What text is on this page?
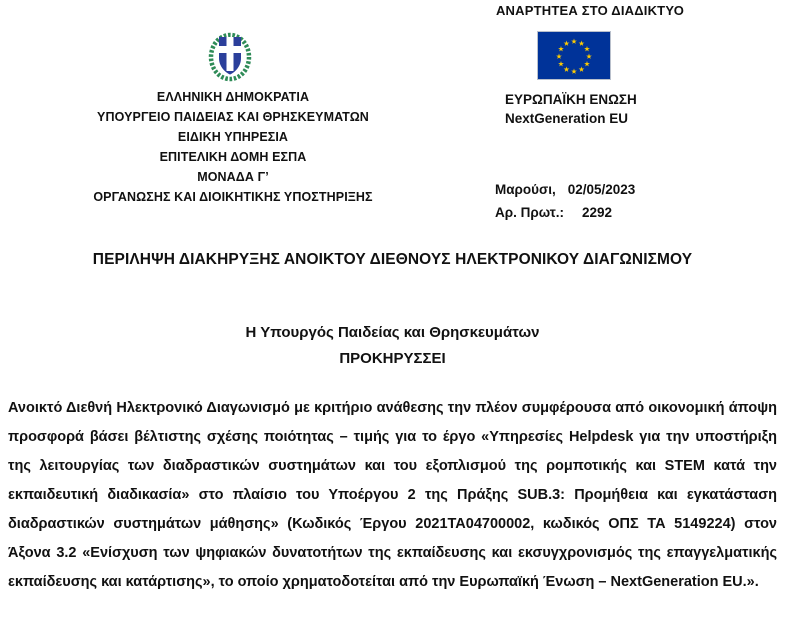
ΑΝΑΡΤΗΤΕΑ ΣΤΟ ΔΙΑΔΙΚΤΥΟ
ΕΛΛΗΝΙΚΗ ΔΗΜΟΚΡΑΤΙΑ
ΥΠΟΥΡΓΕΙΟ ΠΑΙΔΕΙΑΣ ΚΑΙ ΘΡΗΣΚΕΥΜΑΤΩΝ
ΕΙΔΙΚΗ ΥΠΗΡΕΣΙΑ
ΕΠΙΤΕΛΙΚΗ ΔΟΜΗ ΕΣΠΑ
ΜΟΝΑΔΑ Γ’
ΟΡΓΑΝΩΣΗΣ ΚΑΙ ΔΙΟΙΚΗΤΙΚΗΣ ΥΠΟΣΤΗΡΙΞΗΣ
ΕΥΡΩΠΑΪΚΗ ΕΝΩΣΗ
NextGeneration EU
Μαρούσι, 02/05/2023
Αρ. Πρωτ.: 2292
ΠΕΡΙΛΗΨΗ ΔΙΑΚΗΡΥΞΗΣ ΑΝΟΙΚΤΟΥ ΔΙΕΘΝΟΥΣ ΗΛΕΚΤΡΟΝΙΚΟΥ ΔΙΑΓΩΝΙΣΜΟΥ
Η Υπουργός Παιδείας και Θρησκευμάτων
ΠΡΟΚΗΡΥΣΣΕΙ
Ανοικτό Διεθνή Ηλεκτρονικό Διαγωνισμό με κριτήριο ανάθεσης την πλέον συμφέρουσα από οικονομική άποψη προσφορά βάσει βέλτιστης σχέσης ποιότητας – τιμής για το έργο «Υπηρεσίες Helpdesk για την υποστήριξη της λειτουργίας των διαδραστικών συστημάτων και του εξοπλισμού της ρομποτικής και STEM κατά την εκπαιδευτική διαδικασία» στο πλαίσιο του Υποέργου 2 της Πράξης SUB.3: Προμήθεια και εγκατάσταση διαδραστικών συστημάτων μάθησης» (Κωδικός Έργου 2021ΤΑ04700002, κωδικός ΟΠΣ ΤΑ 5149224) στον Άξονα 3.2 «Ενίσχυση των ψηφιακών δυνατοτήτων της εκπαίδευσης και εκσυγχρονισμός της επαγγελματικής εκπαίδευσης και κατάρτισης», το οποίο χρηματοδοτείται από την Ευρωπαϊκή Ένωση – NextGeneration EU.».
